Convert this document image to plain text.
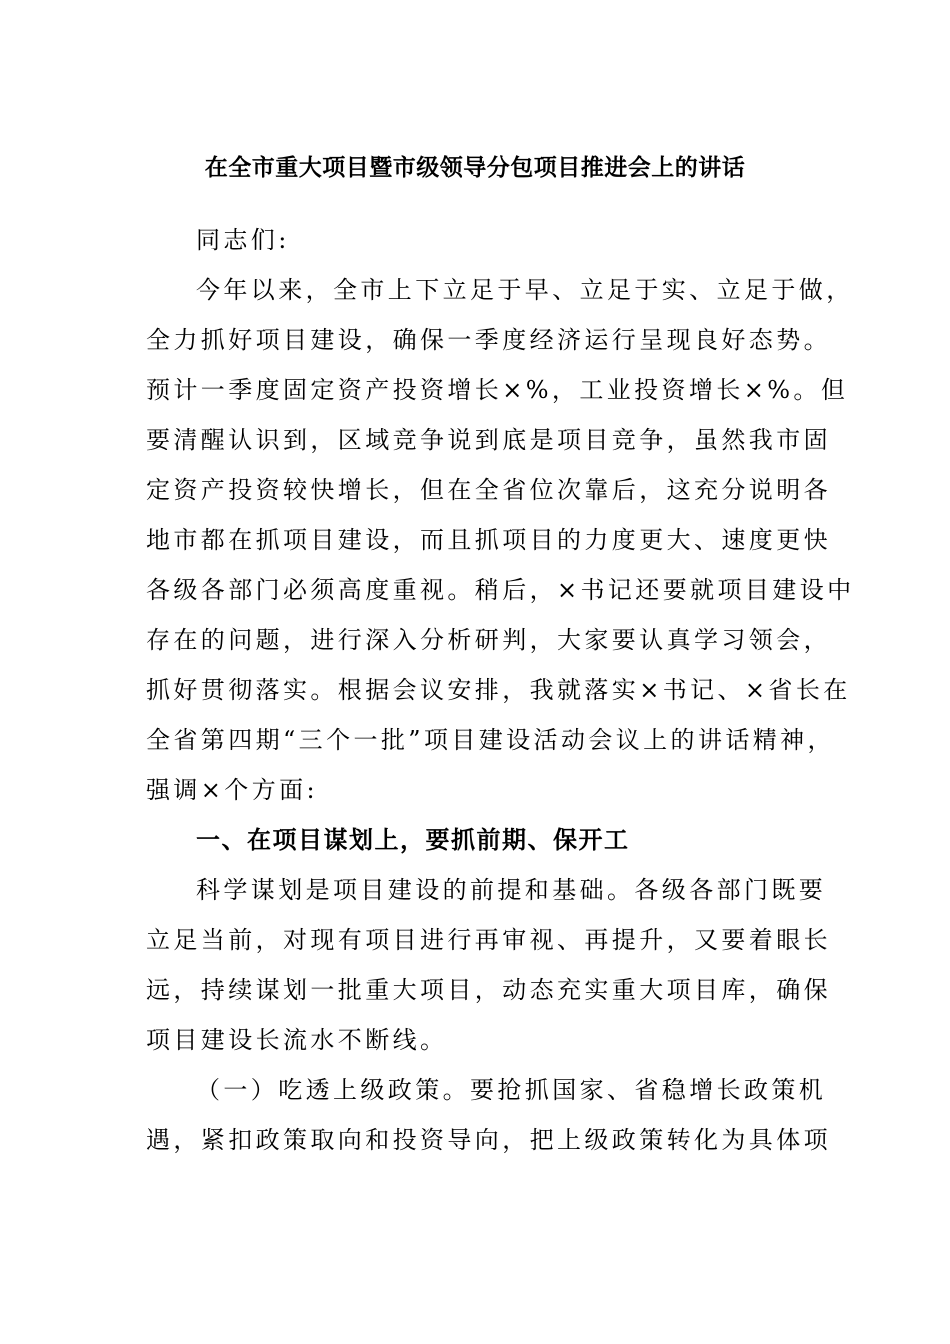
在全市重大项目暨市级领导分包项目推进会上的讲话
同志们:
今年以来，全市上下立足于早、立足于实、立足于做，
全力抓好项目建设，确保一季度经济运行呈现良好态势。
预计一季度固定资产投资增长×%，工业投资增长×%。但
要清醒认识到，区域竞争说到底是项目竞争，虽然我市固
定资产投资较快增长，但在全省位次靠后，这充分说明各
地市都在抓项目建设，而且抓项目的力度更大、速度更快
各级各部门必须高度重视。稍后，×书记还要就项目建设中
存在的问题，进行深入分析研判，大家要认真学习领会，
抓好贯彻落实。根据会议安排，我就落实×书记、×省长在
全省第四期“三个一批”项目建设活动会议上的讲话精神，
强调×个方面:
一、在项目谋划上，要抓前期、保开工
科学谋划是项目建设的前提和基础。各级各部门既要
立足当前，对现有项目进行再审视、再提升，又要着眼长
远，持续谋划一批重大项目，动态充实重大项目库，确保
项目建设长流水不断线。
（一）吃透上级政策。要抢抓国家、省稳增长政策机
遇，紧扣政策取向和投资导向，把上级政策转化为具体项
